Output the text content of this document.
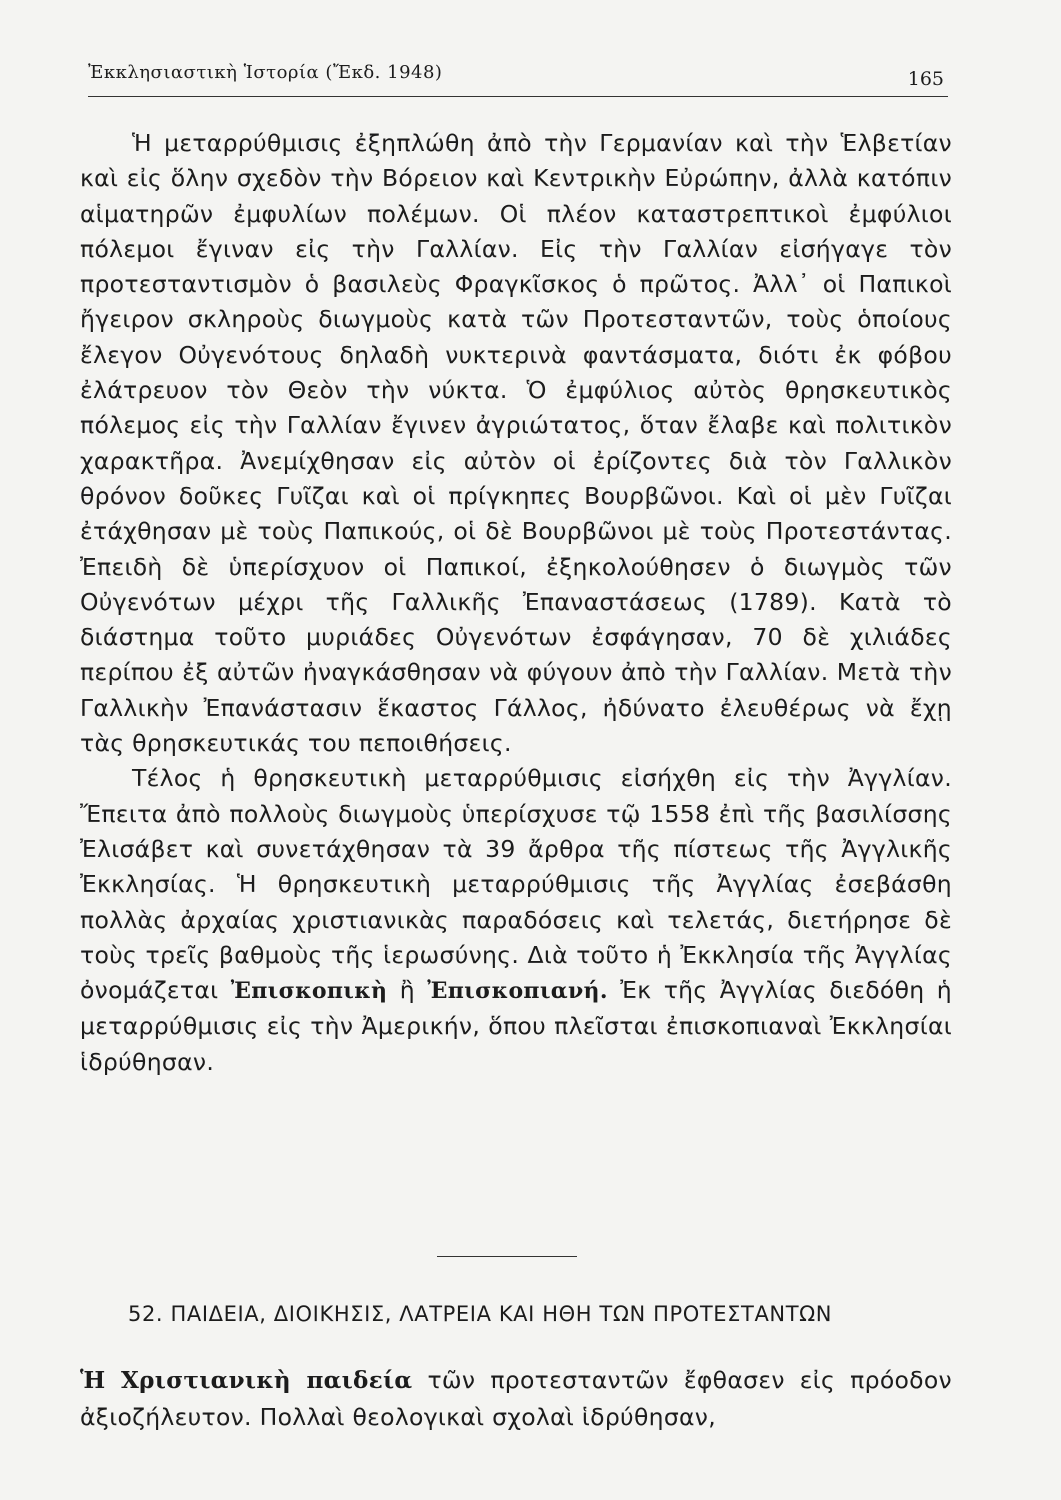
Ἐκκλησιαστικὴ Ἱστορία (Ἔκδ. 1948)	165

Ἡ μεταρρύθμισις ἐξηπλώθη ἀπὸ τὴν Γερμανίαν καὶ τὴν Ἑλβετίαν καὶ εἰς ὅλην σχεδὸν τὴν Βόρειον καὶ Κεντρικὴν Εὐρώπην, ἀλλὰ κατόπιν αἱματηρῶν ἐμφυλίων πολέμων. Οἱ πλέον καταστρεπτικοὶ ἐμφύλιοι πόλεμοι ἔγιναν εἰς τὴν Γαλλίαν. Εἰς τὴν Γαλλίαν εἰσήγαγε τὸν προτεσταντισμὸν ὁ βασιλεὺς Φραγκῖσκος ὁ πρῶτος. Ἀλλ᾽ οἱ Παπικοὶ ἤγειρον σκληροὺς διωγμοὺς κατὰ τῶν Προτεσταντῶν, τοὺς ὁποίους ἔλεγον Οὐγενότους δηλαδὴ νυκτερινὰ φαντάσματα, διότι ἐκ φόβου ἐλάτρευον τὸν Θεὸν τὴν νύκτα. Ὁ ἐμφύλιος αὐτὸς θρησκευτικὸς πόλεμος εἰς τὴν Γαλλίαν ἔγινεν ἀγριώτατος, ὅταν ἔλαβε καὶ πολιτικὸν χαρακτῆρα. Ἀνεμίχθησαν εἰς αὐτὸν οἱ ἐρίζοντες διὰ τὸν Γαλλικὸν θρόνον δοῦκες Γυῖζαι καὶ οἱ πρίγκηπες Βουρβῶνοι. Καὶ οἱ μὲν Γυῖζαι ἐτάχθησαν μὲ τοὺς Παπικούς, οἱ δὲ Βουρβῶνοι μὲ τοὺς Προτεστάντας. Ἐπειδὴ δὲ ὑπερίσχυον οἱ Παπικοί, ἐξηκολούθησεν ὁ διωγμὸς τῶν Οὐγενότων μέχρι τῆς Γαλλικῆς Ἐπαναστάσεως (1789). Κατὰ τὸ διάστημα τοῦτο μυριάδες Οὐγενότων ἐσφάγησαν, 70 δὲ χιλιάδες περίπου ἐξ αὐτῶν ἠναγκάσθησαν νὰ φύγουν ἀπὸ τὴν Γαλλίαν. Μετὰ τὴν Γαλλικὴν Ἐπανάστασιν ἕκαστος Γάλλος, ἠδύνατο ἐλευθέρως νὰ ἔχῃ τὰς θρησκευτικάς του πεποιθήσεις.

Τέλος ἡ θρησκευτικὴ μεταρρύθμισις εἰσήχθη εἰς τὴν Ἀγγλίαν. Ἔπειτα ἀπὸ πολλοὺς διωγμοὺς ὑπερίσχυσε τῷ 1558 ἐπὶ τῆς βασιλίσσης Ἐλισάβετ καὶ συνετάχθησαν τὰ 39 ἄρθρα τῆς πίστεως τῆς Ἀγγλικῆς Ἐκκλησίας. Ἡ θρησκευτικὴ μεταρρύθμισις τῆς Ἀγγλίας ἐσεβάσθη πολλὰς ἀρχαίας χριστιανικὰς παραδόσεις καὶ τελετάς, διετήρησε δὲ τοὺς τρεῖς βαθμοὺς τῆς ἱερωσύνης. Διὰ τοῦτο ἡ Ἐκκλησία τῆς Ἀγγλίας ὀνομάζεται Ἐπισκοπικὴ ἢ Ἐπισκοπιανή. Ἐκ τῆς Ἀγγλίας διεδόθη ἡ μεταρρύθμισις εἰς τὴν Ἀμερικήν, ὅπου πλεῖσται ἐπισκοπιαναὶ Ἐκκλησίαι ἱδρύθησαν.

52. ΠΑΙΔΕΙΑ, ΔΙΟΙΚΗΣΙΣ, ΛΑΤΡΕΙΑ ΚΑΙ ΗΘΗ ΤΩΝ ΠΡΟΤΕΣΤΑΝΤΩΝ
Ἡ Χριστιανικὴ παιδεία τῶν προτεσταντῶν ἔφθασεν εἰς πρόοδον ἀξιοζήλευτον. Πολλαὶ θεολογικαὶ σχολαὶ ἱδρύθησαν,
